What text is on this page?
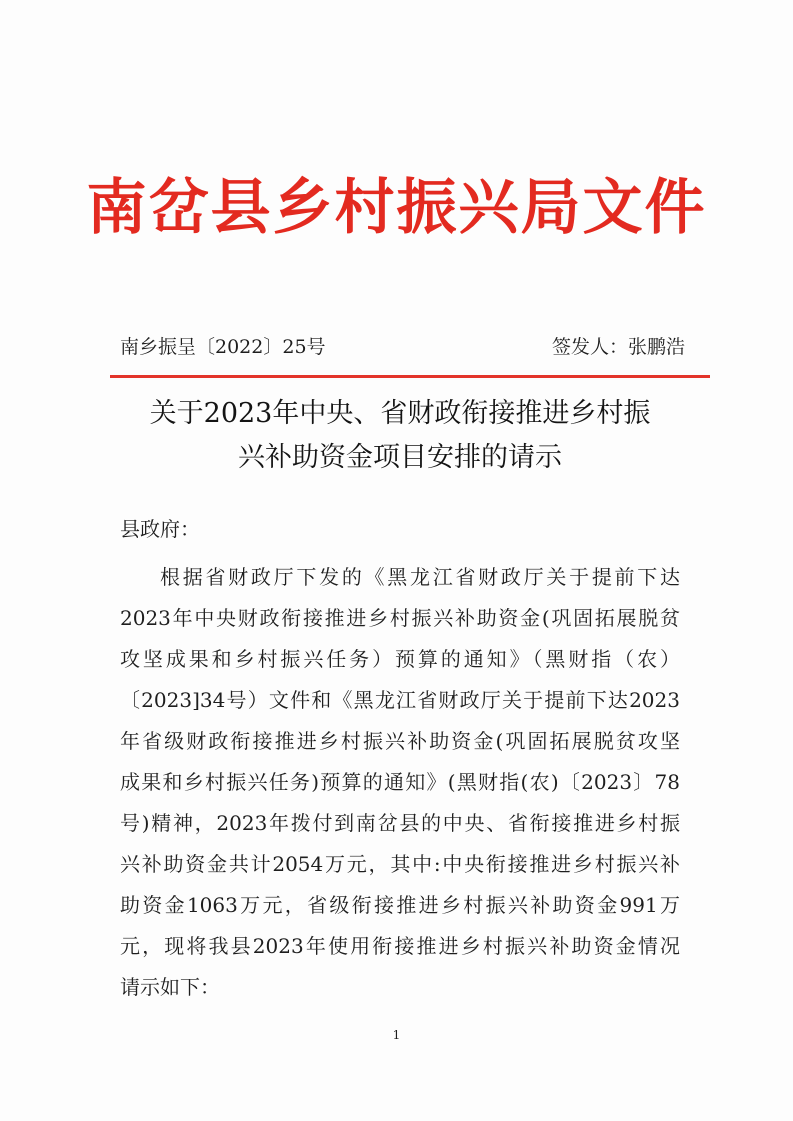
南岔县乡村振兴局文件
南乡振呈〔2022〕25号	签发人：张鹏浩
关于2023年中央、省财政衔接推进乡村振
兴补助资金项目安排的请示
县政府：
根据省财政厅下发的《黑龙江省财政厅关于提前下达
2023年中央财政衔接推进乡村振兴补助资金(巩固拓展脱贫
攻坚成果和乡村振兴任务）预算的通知》（黑财指（农）
〔2023]34号）文件和《黑龙江省财政厅关于提前下达2023
年省级财政衔接推进乡村振兴补助资金(巩固拓展脱贫攻坚
成果和乡村振兴任务)预算的通知》(黑财指(农)〔2023〕78
号)精神，2023年拨付到南岔县的中央、省衔接推进乡村振
兴补助资金共计2054万元，其中:中央衔接推进乡村振兴补
助资金1063万元，省级衔接推进乡村振兴补助资金991万
元，现将我县2023年使用衔接推进乡村振兴补助资金情况
请示如下：
1
